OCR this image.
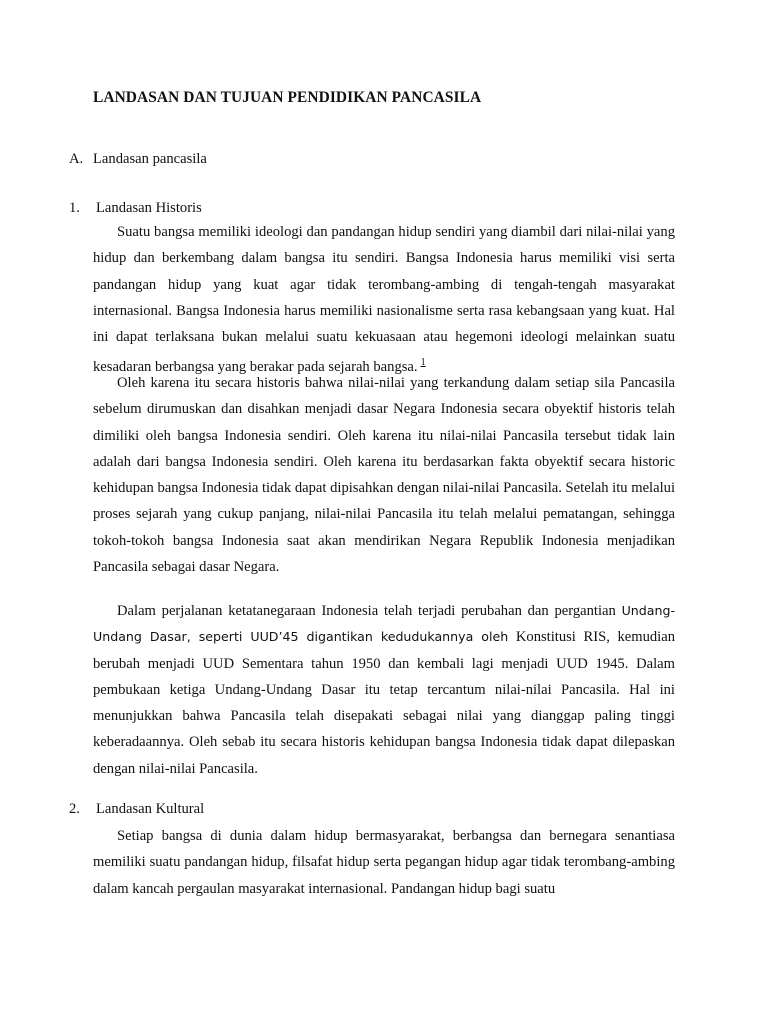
LANDASAN DAN TUJUAN PENDIDIKAN PANCASILA
A. Landasan pancasila
1. Landasan Historis

Suatu bangsa memiliki ideologi dan pandangan hidup sendiri yang diambil dari nilai-nilai yang hidup dan berkembang dalam bangsa itu sendiri. Bangsa Indonesia harus memiliki visi serta pandangan hidup yang kuat agar tidak terombang-ambing di tengah-tengah masyarakat internasional. Bangsa Indonesia harus memiliki nasionalisme serta rasa kebangsaan yang kuat. Hal ini dapat terlaksana bukan melalui suatu kekuasaan atau hegemoni ideologi melainkan suatu kesadaran berbangsa yang berakar pada sejarah bangsa. $^1$

Oleh karena itu secara historis bahwa nilai-nilai yang terkandung dalam setiap sila Pancasila sebelum dirumuskan dan disahkan menjadi dasar Negara Indonesia secara obyektif historis telah dimiliki oleh bangsa Indonesia sendiri. Oleh karena itu nilai-nilai Pancasila tersebut tidak lain adalah dari bangsa Indonesia sendiri. Oleh karena itu berdasarkan fakta obyektif secara historic kehidupan bangsa Indonesia tidak dapat dipisahkan dengan nilai-nilai Pancasila. Setelah itu melalui proses sejarah yang cukup panjang, nilai-nilai Pancasila itu telah melalui pematangan, sehingga tokoh-tokoh bangsa Indonesia saat akan mendirikan Negara Republik Indonesia menjadikan Pancasila sebagai dasar Negara.

Dalam perjalanan ketatanegaraan Indonesia telah terjadi perubahan dan pergantian Undang-Undang Dasar, seperti UUD’45 digantikan kedudukannya oleh Konstitusi RIS, kemudian berubah menjadi UUD Sementara tahun 1950 dan kembali lagi menjadi UUD 1945. Dalam pembukaan ketiga Undang-Undang Dasar itu tetap tercantum nilai-nilai Pancasila. Hal ini menunjukkan bahwa Pancasila telah disepakati sebagai nilai yang dianggap paling tinggi keberadaannya. Oleh sebab itu secara historis kehidupan bangsa Indonesia tidak dapat dilepaskan dengan nilai-nilai Pancasila.

2. Landasan Kultural

Setiap bangsa di dunia dalam hidup bermasyarakat, berbangsa dan bernegara senantiasa memiliki suatu pandangan hidup, filsafat hidup serta pegangan hidup agar tidak terombang-ambing dalam kancah pergaulan masyarakat internasional. Pandangan hidup bagi suatu
